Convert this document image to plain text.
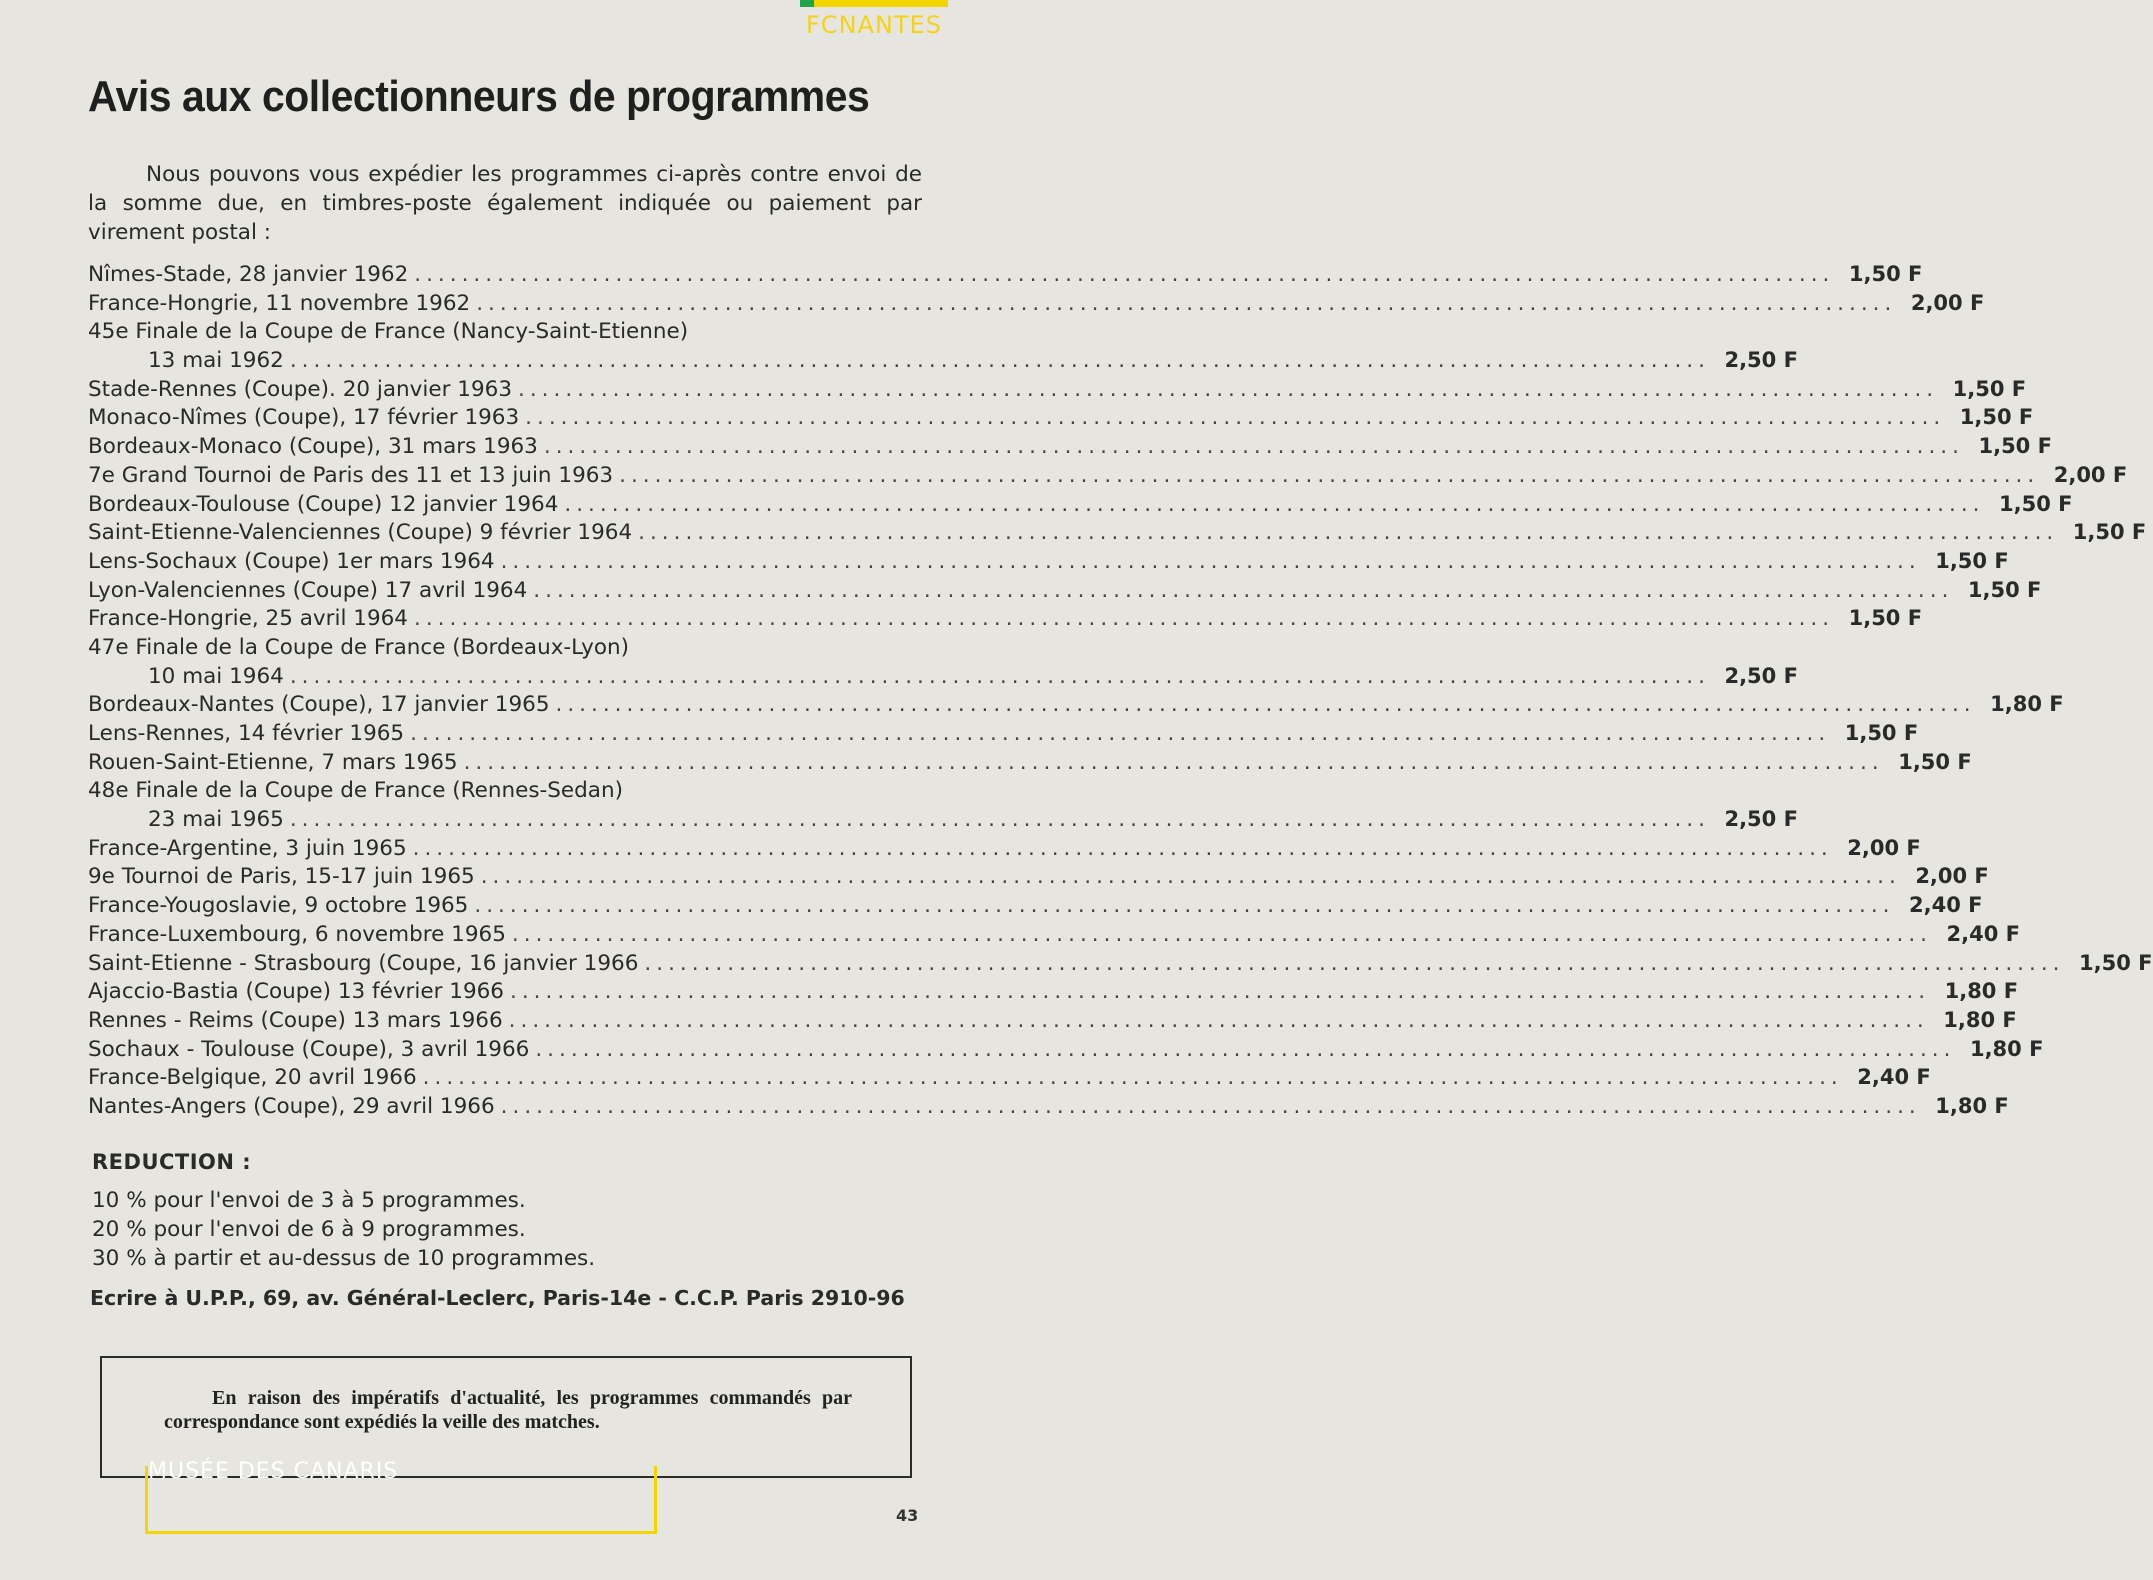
FCNANTES
Avis aux collectionneurs de programmes

Nous pouvons vous expédier les programmes ci-après contre envoi de la somme due, en timbres-poste également indiquée ou paiement par virement postal :

Nîmes-Stade, 28 janvier 1962 ........................................................................................................................ 1,50 F
France-Hongrie, 11 novembre 1962 ........................................................................................................................ 2,00 F
45e Finale de la Coupe de France (Nancy-Saint-Etienne)
13 mai 1962 ........................................................................................................................ 2,50 F
Stade-Rennes (Coupe). 20 janvier 1963 ........................................................................................................................ 1,50 F
Monaco-Nîmes (Coupe), 17 février 1963 ........................................................................................................................ 1,50 F
Bordeaux-Monaco (Coupe), 31 mars 1963 ........................................................................................................................ 1,50 F
7e Grand Tournoi de Paris des 11 et 13 juin 1963 ........................................................................................................................ 2,00 F
Bordeaux-Toulouse (Coupe) 12 janvier 1964 ........................................................................................................................ 1,50 F
Saint-Etienne-Valenciennes (Coupe) 9 février 1964 ........................................................................................................................ 1,50 F
Lens-Sochaux (Coupe) 1er mars 1964 ........................................................................................................................ 1,50 F
Lyon-Valenciennes (Coupe) 17 avril 1964 ........................................................................................................................ 1,50 F
France-Hongrie, 25 avril 1964 ........................................................................................................................ 1,50 F
47e Finale de la Coupe de France (Bordeaux-Lyon)
10 mai 1964 ........................................................................................................................ 2,50 F
Bordeaux-Nantes (Coupe), 17 janvier 1965 ........................................................................................................................ 1,80 F
Lens-Rennes, 14 février 1965 ........................................................................................................................ 1,50 F
Rouen-Saint-Etienne, 7 mars 1965 ........................................................................................................................ 1,50 F
48e Finale de la Coupe de France (Rennes-Sedan)
23 mai 1965 ........................................................................................................................ 2,50 F
France-Argentine, 3 juin 1965 ........................................................................................................................ 2,00 F
9e Tournoi de Paris, 15-17 juin 1965 ........................................................................................................................ 2,00 F
France-Yougoslavie, 9 octobre 1965 ........................................................................................................................ 2,40 F
France-Luxembourg, 6 novembre 1965 ........................................................................................................................ 2,40 F
Saint-Etienne - Strasbourg (Coupe, 16 janvier 1966 ........................................................................................................................ 1,50 F
Ajaccio-Bastia (Coupe) 13 février 1966 ........................................................................................................................ 1,80 F
Rennes - Reims (Coupe) 13 mars 1966 ........................................................................................................................ 1,80 F
Sochaux - Toulouse (Coupe), 3 avril 1966 ........................................................................................................................ 1,80 F
France-Belgique, 20 avril 1966 ........................................................................................................................ 2,40 F
Nantes-Angers (Coupe), 29 avril 1966 ........................................................................................................................ 1,80 F
REDUCTION :
10 % pour l'envoi de 3 à 5 programmes.
20 % pour l'envoi de 6 à 9 programmes.
30 % à partir et au-dessus de 10 programmes.
Ecrire à U.P.P., 69, av. Général-Leclerc, Paris-14e - C.C.P. Paris 2910-96
En raison des impératifs d'actualité, les programmes commandés par correspondance sont expédiés la veille des matches.
MUSÉE DES CANARIS
43
